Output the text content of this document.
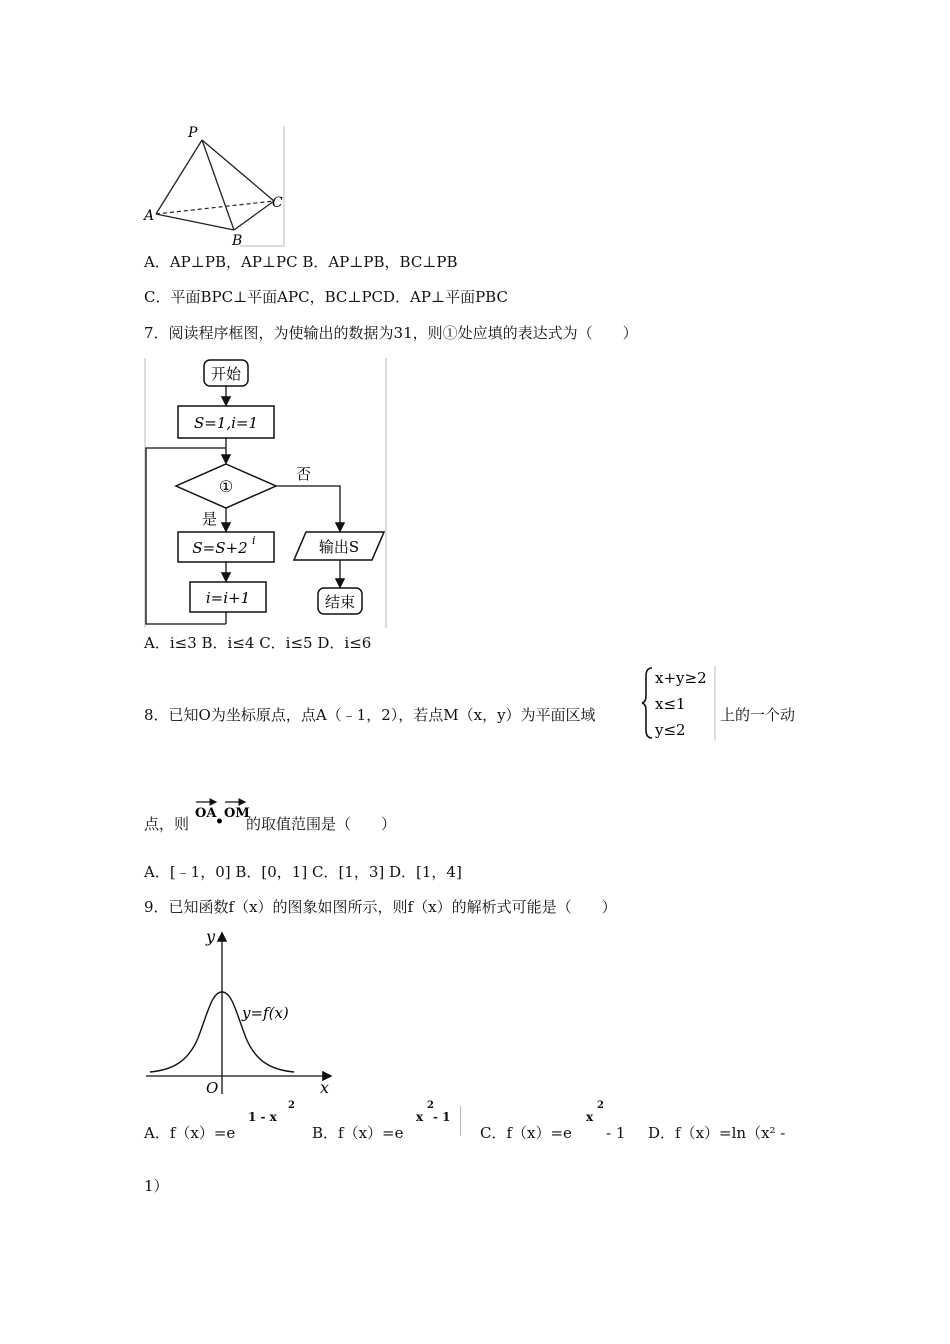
P
A
B
C
A．AP⊥PB，AP⊥PC B．AP⊥PB，BC⊥PB
C．平面BPC⊥平面APC，BC⊥PCD．AP⊥平面PBC
7．阅读程序框图，为使输出的数据为31，则①处应填的表达式为（　　）
开始
S=1,i=1
①
否
是
S=S+2 i
i=i+1
输出S
结束
A．i≤3 B．i≤4 C．i≤5 D．i≤6
8．已知O为坐标原点，点A（﹣1，2），若点M（x，y）为平面区域
x+y≥2
x≤1
y≤2
上的一个动
点，则
OA
•
OM
的取值范围是（　　）
A．[﹣1，0] B．[0，1] C．[1，3] D．[1，4]
9．已知函数f（x）的图象如图所示，则f（x）的解析式可能是（　　）
y
x
O
y=f(x)
A．f（x）=e
1 - x
2
B．f（x）=e
x
2
- 1
C．f（x）=e
x
2
- 1 D．f（x）=ln（x² -
1）
